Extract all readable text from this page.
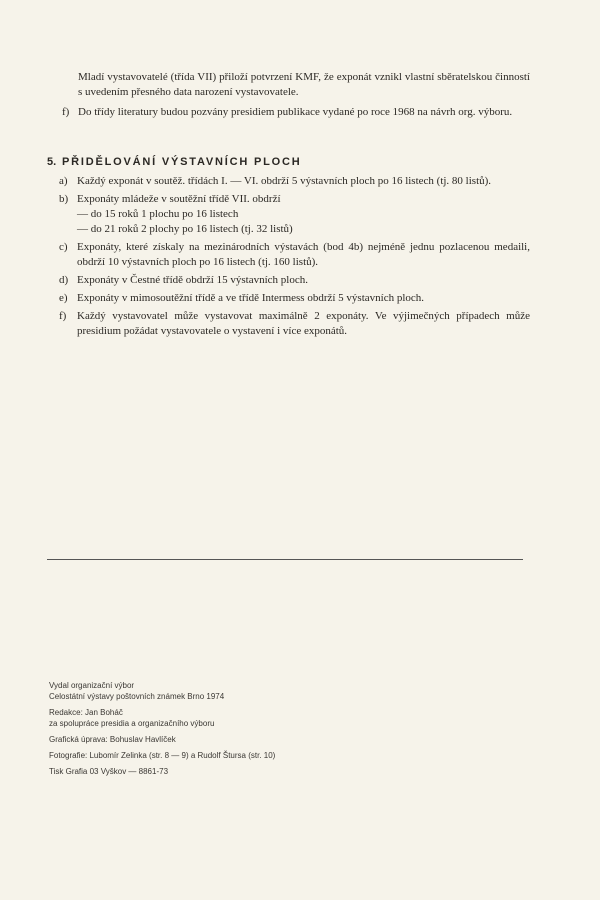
Mladí vystavovatelé (třída VII) přiloží potvrzení KMF, že exponát vznikl vlastní sběratelskou činností s uvedením přesného data narození vystavovatele.

f) Do třídy literatury budou pozvány presidiem publikace vydané po roce 1968 na návrh org. výboru.
5. PŘIDĚLOVÁNÍ VÝSTAVNÍCH PLOCH
a) Každý exponát v soutěž. třídách I. — VI. obdrží 5 výstavních ploch po 16 listech (tj. 80 listů).
b) Exponáty mládeže v soutěžní třídě VII. obdrží
— do 15 roků 1 plochu po 16 listech
— do 21 roků 2 plochy po 16 listech (tj. 32 listů)
c) Exponáty, které získaly na mezinárodních výstavách (bod 4b) nejméně jednu pozlacenou medaili, obdrží 10 výstavních ploch po 16 listech (tj. 160 listů).
d) Exponáty v Čestné třídě obdrží 15 výstavních ploch.
e) Exponáty v mimosoutěžní třídě a ve třídě Intermess obdrží 5 výstavních ploch.
f) Každý vystavovatel může vystavovat maximálně 2 exponáty. Ve výjimečných případech může presidium požádat vystavovatele o vystavení i více exponátů.
Vydal organizační výbor
Celostátní výstavy poštovních známek Brno 1974
Redakce: Jan Boháč
za spolupráce presidia a organizačního výboru
Grafická úprava: Bohuslav Havlíček
Fotografie: Lubomír Zelinka (str. 8 — 9) a Rudolf Štursa (str. 10)
Tisk Grafia 03 Vyškov — 8861-73
